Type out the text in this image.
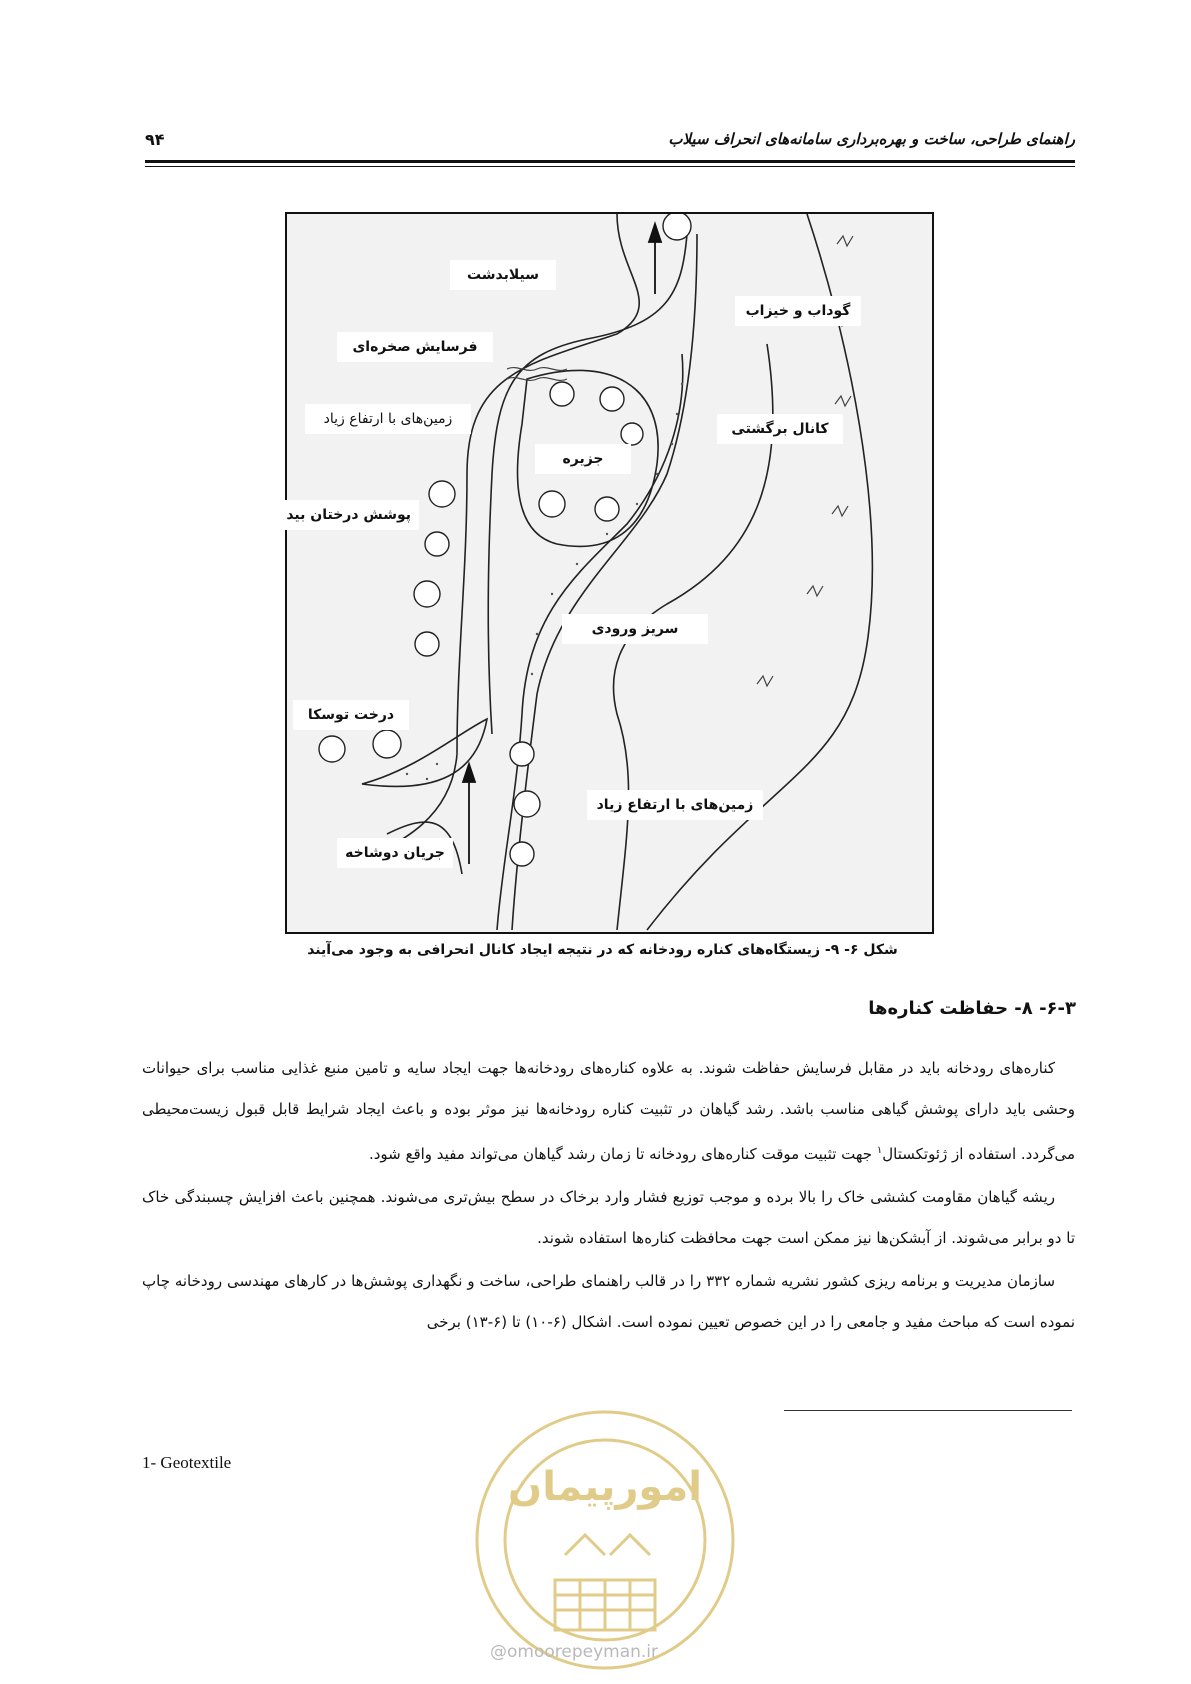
راهنمای طراحی، ساخت و بهره‌برداری سامانه‌های انحراف سیلاب
۹۴
سیلابدشت
فرسایش صخره‌ای
زمین‌های با ارتفاع زیاد
گوداب و خیزاب
کانال برگشتی
جزیره
پوشش درختان بید
سریز ورودی
درخت توسکا
زمین‌های با ارتفاع زیاد
جریان دوشاخه
شکل ۶- ۹- زیستگاه‌های کناره رودخانه که در نتیجه ایجاد کانال انحرافی به وجود می‌آیند
۶-۳- ۸- حفاظت کناره‌ها

کناره‌های رودخانه باید در مقابل فرسایش حفاظت شوند. به علاوه کناره‌های رودخانه‌ها جهت ایجاد سایه و تامین منبع غذایی مناسب برای حیوانات وحشی باید دارای پوشش گیاهی مناسب باشد. رشد گیاهان در تثبیت کناره رودخانه‌ها نیز موثر بوده و باعث ایجاد شرایط قابل قبول زیست‌محیطی می‌گردد. استفاده از ژئوتکستال$^۱$ جهت تثبیت موقت کناره‌های رودخانه تا زمان رشد گیاهان می‌تواند مفید واقع شود.

ریشه گیاهان مقاومت کششی خاک را بالا برده و موجب توزیع فشار وارد برخاک در سطح بیش‌تری می‌شوند. همچنین باعث افزایش چسبندگی خاک تا دو برابر می‌شوند. از آبشکن‌ها نیز ممکن است جهت محافظت کناره‌ها استفاده شوند.

سازمان مدیریت و برنامه ریزی کشور نشریه شماره ۳۳۲ را در قالب راهنمای طراحی، ساخت و نگهداری پوشش‌ها در کارهای مهندسی رودخانه چاپ نموده است که مباحث مفید و جامعی را در این خصوص تعیین نموده است. اشکال (۶-۱۰) تا (۶-۱۳) برخی

1- Geotextile
امورپیمان
@omoorepeyman.ir
